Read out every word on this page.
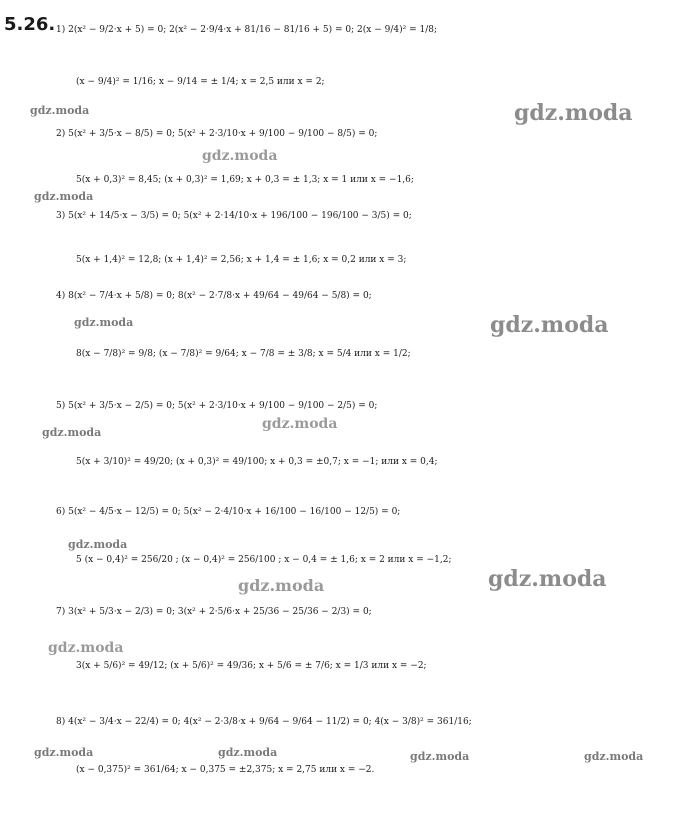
5.26. 1) 2(x² − 9/2·x + 5) = 0; 2(x² − 2·9/4·x + 81/16 − 81/16 + 5) = 0; 2(x − 9/4)² = 1/8;
(x − 9/4)² = 1/16; x − 9/14 = ± 1/4; x = 2,5 или x = 2;
2) 5(x² + 3/5·x − 8/5) = 0; 5(x² + 2·3/10·x + 9/100 − 9/100 − 8/5) = 0;
5(x + 0,3)² = 8,45; (x + 0,3)² = 1,69; x + 0,3 = ± 1,3; x = 1 или x = −1,6;
3) 5(x² + 14/5·x − 3/5) = 0; 5(x² + 2·14/10·x + 196/100 − 196/100 − 3/5) = 0;
5(x + 1,4)² = 12,8; (x + 1,4)² = 2,56; x + 1,4 = ± 1,6; x = 0,2 или x = 3;
4) 8(x² − 7/4·x + 5/8) = 0; 8(x² − 2·7/8·x + 49/64 − 49/64 − 5/8) = 0;
8(x − 7/8)² = 9/8; (x − 7/8)² = 9/64; x − 7/8 = ± 3/8; x = 5/4 или x = 1/2;
5) 5(x² + 3/5·x − 2/5) = 0; 5(x² + 2·3/10·x + 9/100 − 9/100 − 2/5) = 0;
5(x + 3/10)² = 49/20; (x + 0,3)² = 49/100; x + 0,3 = ±0,7; x = −1; или x = 0,4;
6) 5(x² − 4/5·x − 12/5) = 0; 5(x² − 2·4/10·x + 16/100 − 16/100 − 12/5) = 0;
5 (x − 0,4)² = 256/20 ; (x − 0,4)² = 256/100 ; x − 0,4 = ± 1,6; x = 2 или x = −1,2;
7) 3(x² + 5/3·x − 2/3) = 0; 3(x² + 2·5/6·x + 25/36 − 25/36 − 2/3) = 0;
3(x + 5/6)² = 49/12; (x + 5/6)² = 49/36; x + 5/6 = ± 7/6; x = 1/3 или x = −2;
8) 4(x² − 3/4·x − 22/4) = 0; 4(x² − 2·3/8·x + 9/64 − 9/64 − 11/2) = 0; 4(x − 3/8)² = 361/16;
(x − 0,375)² = 361/64; x − 0,375 = ±2,375; x = 2,75 или x = −2.
gdz.moda	gdz.moda
gdz.moda
gdz.moda
gdz.moda	gdz.moda
gdz.moda
gdz.moda
gdz.moda
gdz.moda	gdz.moda
gdz.moda
gdz.moda	gdz.moda	gdz.moda	gdz.moda
